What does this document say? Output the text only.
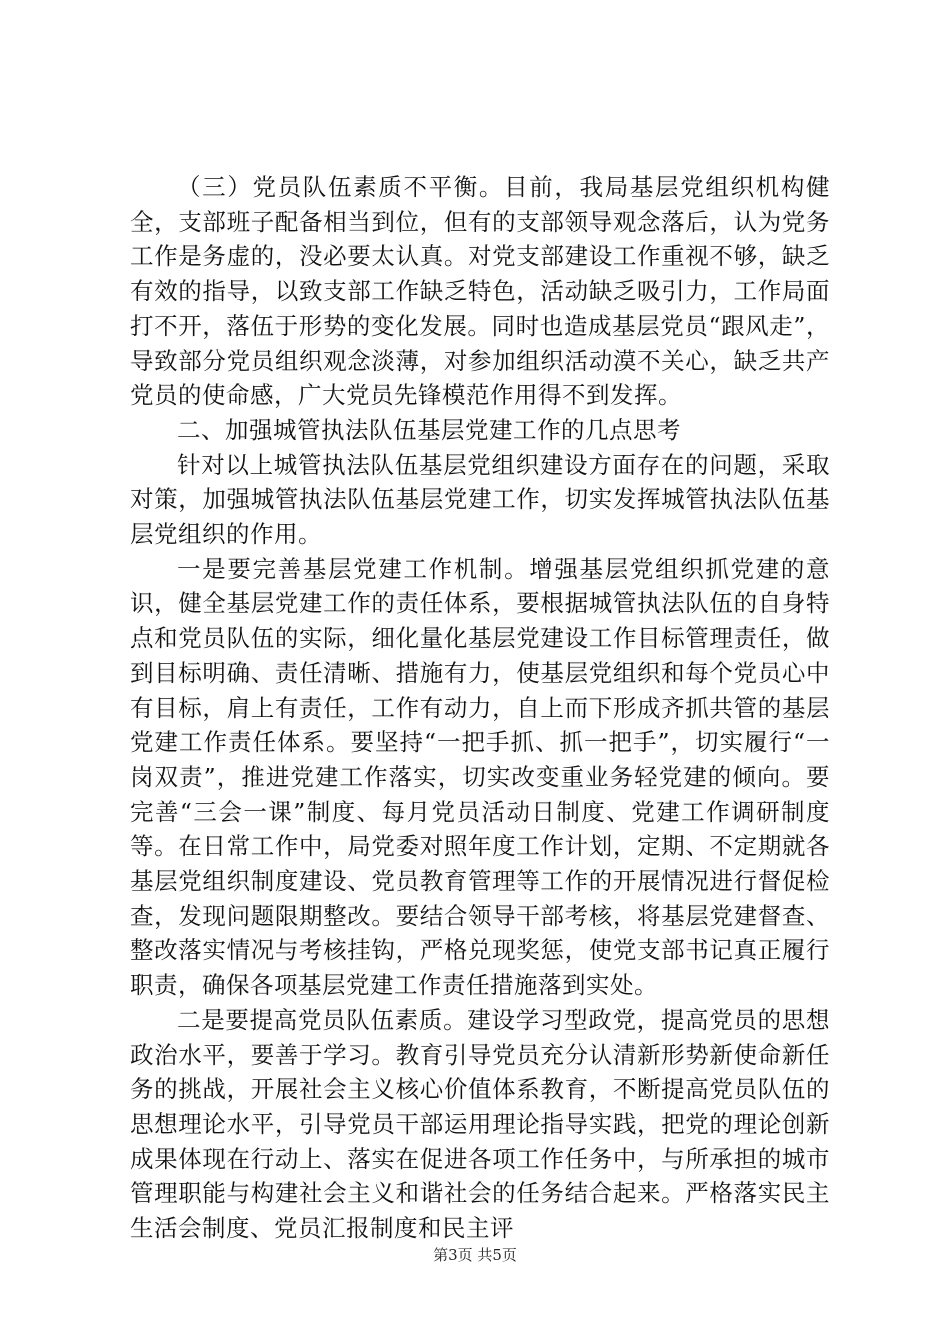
（三）党员队伍素质不平衡。目前，我局基层党组织机构健全，支部班子配备相当到位，但有的支部领导观念落后，认为党务工作是务虚的，没必要太认真。对党支部建设工作重视不够，缺乏有效的指导，以致支部工作缺乏特色，活动缺乏吸引力，工作局面打不开，落伍于形势的变化发展。同时也造成基层党员“跟风走”，导致部分党员组织观念淡薄，对参加组织活动漠不关心，缺乏共产党员的使命感，广大党员先锋模范作用得不到发挥。

二、加强城管执法队伍基层党建工作的几点思考

针对以上城管执法队伍基层党组织建设方面存在的问题，采取对策，加强城管执法队伍基层党建工作，切实发挥城管执法队伍基层党组织的作用。

一是要完善基层党建工作机制。增强基层党组织抓党建的意识，健全基层党建工作的责任体系，要根据城管执法队伍的自身特点和党员队伍的实际，细化量化基层党建设工作目标管理责任，做到目标明确、责任清晰、措施有力，使基层党组织和每个党员心中有目标，肩上有责任，工作有动力，自上而下形成齐抓共管的基层党建工作责任体系。要坚持“一把手抓、抓一把手”，切实履行“一岗双责”，推进党建工作落实，切实改变重业务轻党建的倾向。要完善“三会一课”制度、每月党员活动日制度、党建工作调研制度等。在日常工作中，局党委对照年度工作计划，定期、不定期就各基层党组织制度建设、党员教育管理等工作的开展情况进行督促检查，发现问题限期整改。要结合领导干部考核，将基层党建督查、整改落实情况与考核挂钩，严格兑现奖惩，使党支部书记真正履行职责，确保各项基层党建工作责任措施落到实处。

二是要提高党员队伍素质。建设学习型政党，提高党员的思想政治水平，要善于学习。教育引导党员充分认清新形势新使命新任务的挑战，开展社会主义核心价值体系教育，不断提高党员队伍的思想理论水平，引导党员干部运用理论指导实践，把党的理论创新成果体现在行动上、落实在促进各项工作任务中，与所承担的城市管理职能与构建社会主义和谐社会的任务结合起来。严格落实民主生活会制度、党员汇报制度和民主评

第3页 共5页
